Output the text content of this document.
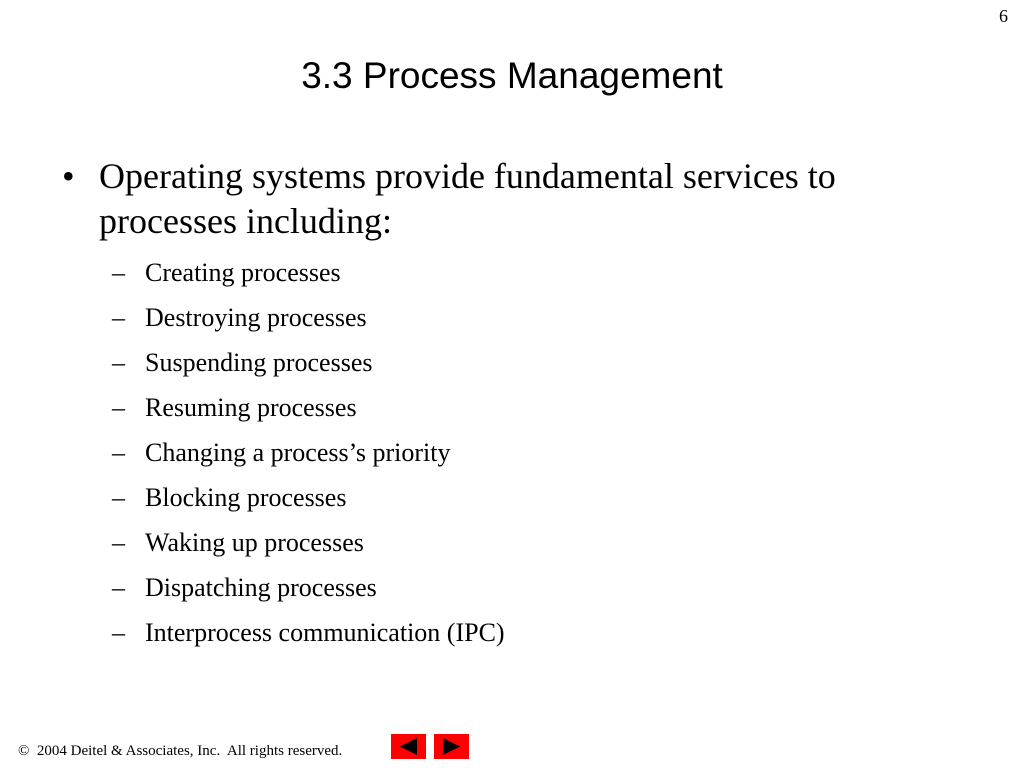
6
3.3 Process Management
• Operating systems provide fundamental services to processes including:
– Creating processes
– Destroying processes
– Suspending processes
– Resuming processes
– Changing a process’s priority
– Blocking processes
– Waking up processes
– Dispatching processes
– Interprocess communication (IPC)
©  2004 Deitel & Associates, Inc.  All rights reserved.
